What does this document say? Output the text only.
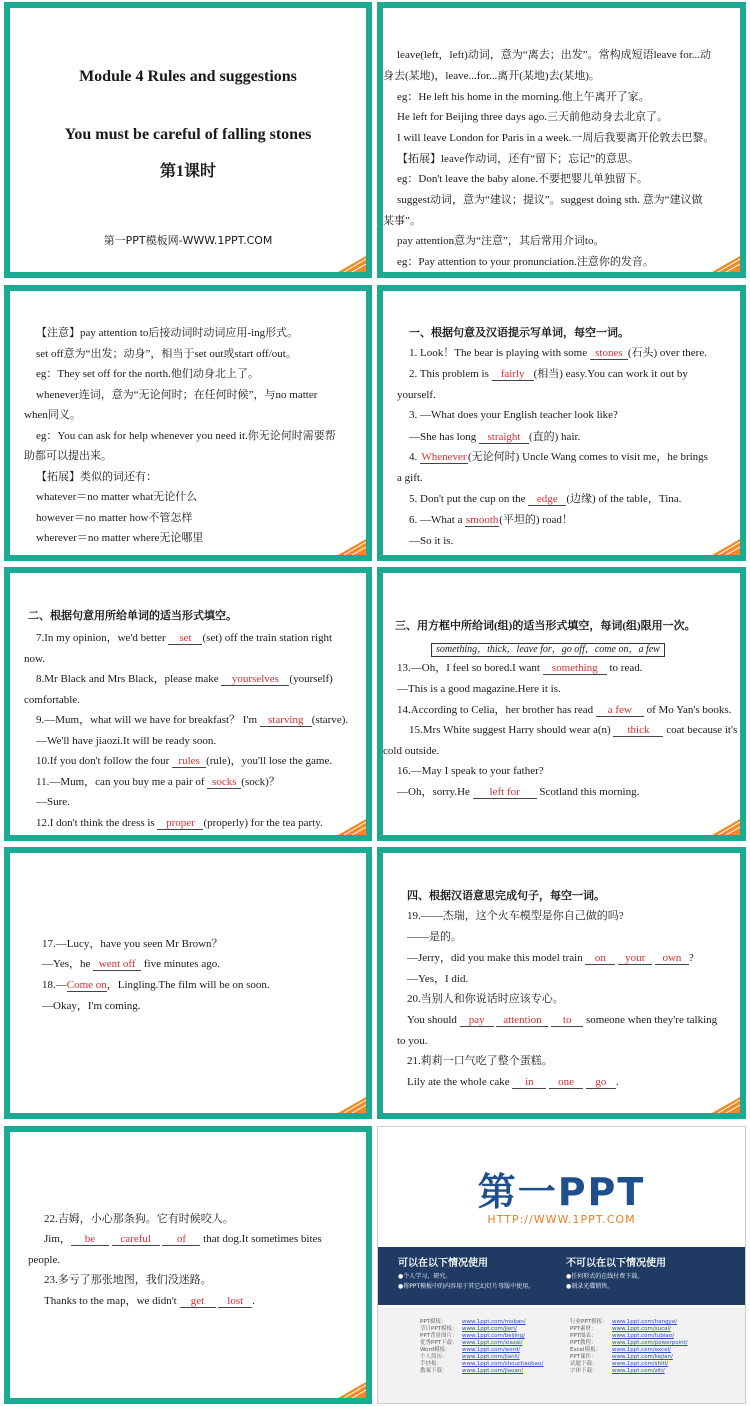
Module 4 Rules and suggestions
You must be careful of falling stones
第1课时
第一PPT模板网-WWW.1PPT.COM
leave(left，left)动词，意为“离去；出发”。常构成短语leave for...动
身去(某地)，leave...for...离开(某地)去(某地)。
eg：He left his home in the morning.他上午离开了家。
He left for Beijing three days ago.三天前他动身去北京了。
I will leave London for Paris in a week.一周后我要离开伦敦去巴黎。
【拓展】leave作动词，还有“留下；忘记”的意思。
eg：Don't leave the baby alone.不要把婴儿单独留下。
suggest动词，意为“建议；提议”。suggest doing sth. 意为“建议做
某事”。
pay attention意为“注意”，其后常用介词to。
eg：Pay attention to your pronunciation.注意你的发音。
【注意】pay attention to后接动词时动词应用-ing形式。
set off意为“出发；动身”，相当于set out或start off/out。
eg：They set off for the north.他们动身北上了。
whenever连词，意为“无论何时；在任何时候”，与no matter
when同义。
eg：You can ask for help whenever you need it.你无论何时需要帮
助都可以提出来。
【拓展】类似的词还有：
whatever＝no matter what无论什么
however＝no matter how不管怎样
wherever＝no matter where无论哪里
一、根据句意及汉语提示写单词，每空一词。
1. Look！The bear is playing with some stones (石头) over there.
2. This problem is fairly (相当) easy.You can work it out by
yourself.
3. —What does your English teacher look like?
—She has long straight (直的) hair.
4. Whenever(无论何时) Uncle Wang comes to visit me，he brings
a gift.
5. Don't put the cup on the edge (边缘) of the table，Tina.
6. —What a smooth(平坦的) road！
—So it is.
二、根据句意用所给单词的适当形式填空。
7.In my opinion，we'd better set (set) off the train station right
now.
8.Mr Black and Mrs Black，please make yourselves (yourself)
comfortable.
9.—Mum，what will we have for breakfast？ I'm starving (starve).
—We'll have jiaozi.It will be ready soon.
10.If you don't follow the four rules (rule)，you'll lose the game.
11.—Mum，can you buy me a pair of socks (sock)？
—Sure.
12.I don't think the dress is proper (properly) for the tea party.
三、用方框中所给词(组)的适当形式填空，每词(组)限用一次。
something，thick，leave for，go off，come on，a few
13.—Oh，I feel so bored.I want something to read.
—This is a good magazine.Here it is.
14.According to Celia，her brother has read a few of Mo Yan's books.
15.Mrs White suggest Harry should wear a(n) thick coat because it's
cold outside.
16.—May I speak to your father?
—Oh，sorry.He left for Scotland this morning.
17.—Lucy，have you seen Mr Brown？
—Yes，he went off five minutes ago.
18.—Come on，Lingling.The film will be on soon.
—Okay，I'm coming.
四、根据汉语意思完成句子，每空一词。
19.——杰瑞，这个火车模型是你自己做的吗?
——是的。
—Jerry，did you make this model train on your own ?
—Yes，I did.
20.当别人和你说话时应该专心。
You should pay attention to someone when they're talking
to you.
21.莉莉一口气吃了整个蛋糕。
Lily ate the whole cake in one go .
22.吉姆，小心那条狗。它有时候咬人。
Jim， be careful of that dog.It sometimes bites
people.
23.多亏了那张地图，我们没迷路。
Thanks to the map，we didn't get lost .
第一PPT
HTTP://WWW.1PPT.COM
可以在以下情况使用
●个人学习、研究。
●将PPT模板中的内容用于其它幻灯片母版中使用。
不可以在以下情况使用
●任何形式的在线付费下载。
●刻录光碟销售。
PPT模板：	www.1ppt.com/moban/
节日PPT模板： www.1ppt.com/jieri/
PPT背景图片： www.1ppt.com/beijing/
优秀PPT下载： www.1ppt.com/xiazai/
Word模板： www.1ppt.com/word/
个人简历：	www.1ppt.com/jianli/
手抄报：	www.1ppt.com/shouchaobao/
教案下载：	www.1ppt.com/jiaoan/
行业PPT模板： www.1ppt.com/hangye/
PPT素材：	www.1ppt.com/sucai/
PPT图表：	www.1ppt.com/tubiao/
PPT教程：	www.1ppt.com/powerpoint/
Excel模板： www.1ppt.com/excel/
PPT课件：	www.1ppt.com/kejian/
试题下载：	www.1ppt.com/shiti/
字体下载：	www.1ppt.com/ziti/
